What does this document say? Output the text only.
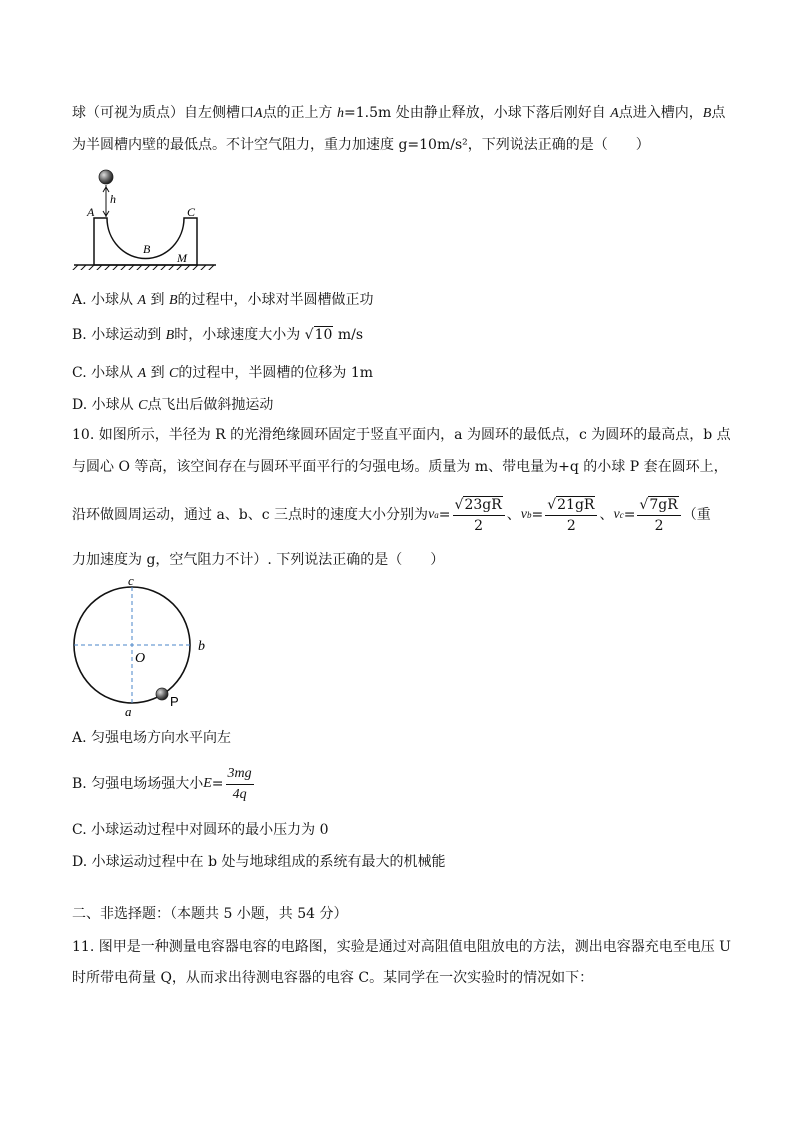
球（可视为质点）自左侧槽口A点的正上方 h=1.5m 处由静止释放，小球下落后刚好自 A点进入槽内，B点
为半圆槽内壁的最低点。不计空气阻力，重力加速度 g=10m/s²，下列说法正确的是（　　）
h
A	C
B
M
A. 小球从 A 到 B的过程中，小球对半圆槽做正功
B. 小球运动到 B时，小球速度大小为 √10 m/s
C. 小球从 A 到 C的过程中，半圆槽的位移为 1m
D. 小球从 C点飞出后做斜抛运动
10. 如图所示，半径为 R 的光滑绝缘圆环固定于竖直平面内，a 为圆环的最低点，c 为圆环的最高点，b 点
与圆心 O 等高，该空间存在与圆环平面平行的匀强电场。质量为 m、带电量为+q 的小球 P 套在圆环上，
沿环做圆周运动，通过 a、b、c 三点时的速度大小分别为 v $a = \frac{√23gR}{2}$ 、 v $b = \frac{√21gR}{2}$ 、 v $c = \frac{√7gR}{2}$ （重
力加速度为 g，空气阻力不计）. 下列说法正确的是（　　）
c
O
b
a
P
A. 匀强电场方向水平向左
B. 匀强电场场强大小 $E = \frac{3mg}{4q}$
C. 小球运动过程中对圆环的最小压力为 0
D. 小球运动过程中在 b 处与地球组成的系统有最大的机械能
二、非选择题：（本题共 5 小题，共 54 分）
11. 图甲是一种测量电容器电容的电路图，实验是通过对高阻值电阻放电的方法，测出电容器充电至电压 U
时所带电荷量 Q，从而求出待测电容器的电容 C。某同学在一次实验时的情况如下：
